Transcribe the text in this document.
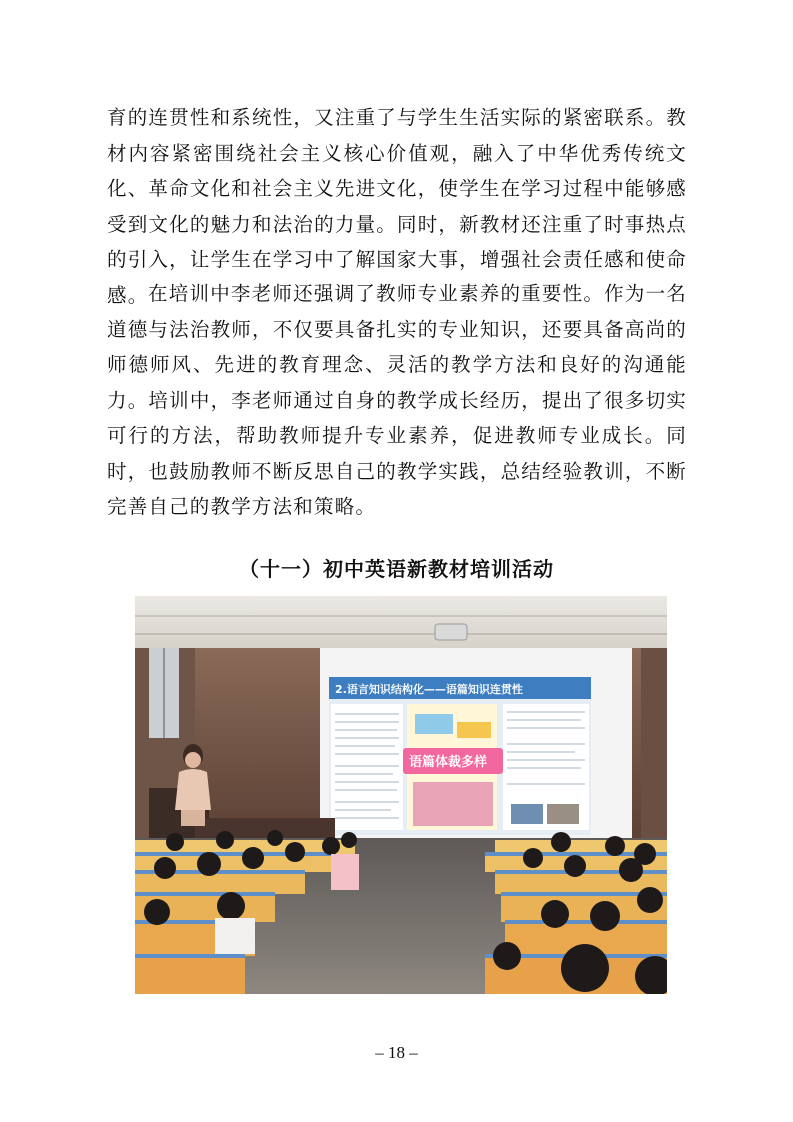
育的连贯性和系统性，又注重了与学生生活实际的紧密联系。教材内容紧密围绕社会主义核心价值观，融入了中华优秀传统文化、革命文化和社会主义先进文化，使学生在学习过程中能够感受到文化的魅力和法治的力量。同时，新教材还注重了时事热点的引入，让学生在学习中了解国家大事，增强社会责任感和使命感。 在培训中李老师还强调了教师专业素养的重要性。作为一名道德与法治教师，不仅要具备扎实的专业知识，还要具备高尚的师德师风、先进的教育理念、灵活的教学方法和良好的沟通能力。培训中，李老师通过自身的教学成长经历，提出了很多切实可行的方法，帮助教师提升专业素养，促进教师专业成长。同时，也鼓励教师不断反思自己的教学实践，总结经验教训，不断完善自己的教学方法和策略。

（十一）初中英语新教材培训活动
2.语言知识结构化——语篇知识连贯性
语篇体裁多样
– 18 –
